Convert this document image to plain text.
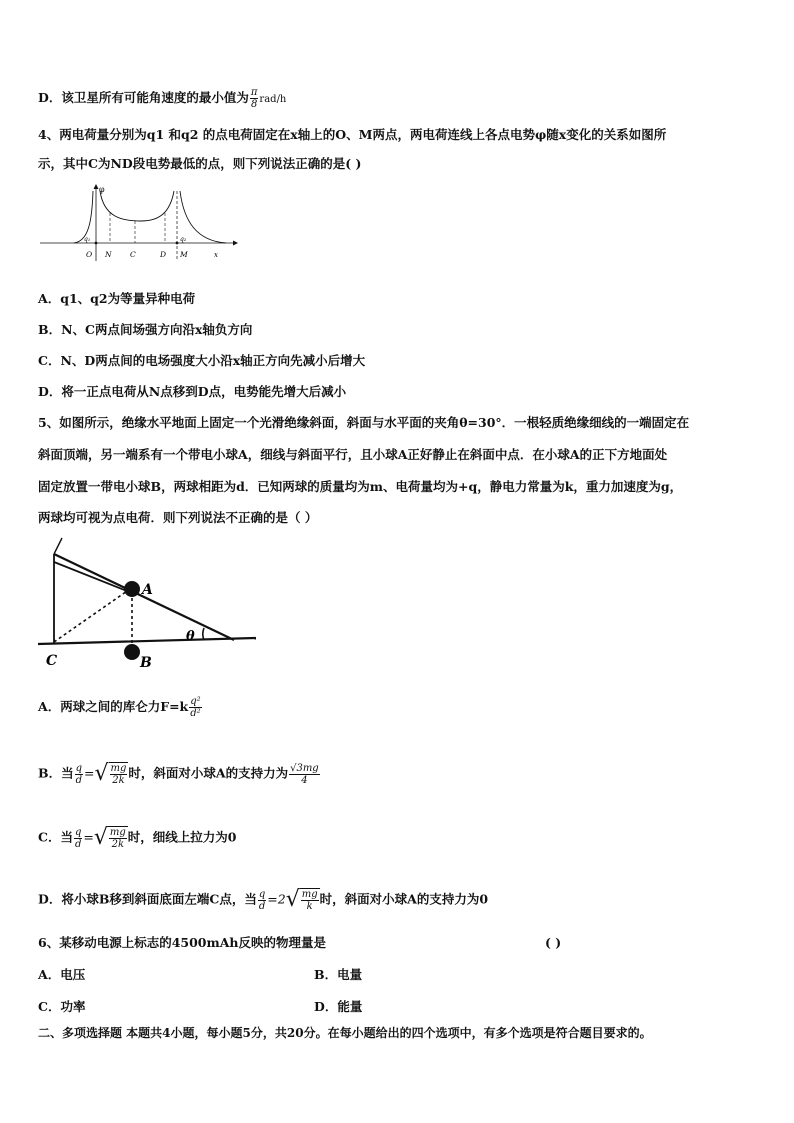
D．该卫星所有可能角速度的最小值为 $\frac{\pi}{8} rad/h$
4、两电荷量分别为q1 和q2 的点电荷固定在x轴上的O、M两点，两电荷连线上各点电势φ随x变化的关系如图所
示，其中C为ND段电势最低的点，则下列说法正确的是( )
φ
x
q₁	q₂
O N C	D M
A．q1、q2为等量异种电荷
B．N、C两点间场强方向沿x轴负方向
C．N、D两点间的电场强度大小沿x轴正方向先减小后增大
D．将一正点电荷从N点移到D点，电势能先增大后减小
5、如图所示，绝缘水平地面上固定一个光滑绝缘斜面，斜面与水平面的夹角θ=30°．一根轻质绝缘细线的一端固定在
斜面顶端，另一端系有一个带电小球A，细线与斜面平行，且小球A正好静止在斜面中点．在小球A的正下方地面处
固定放置一带电小球B，两球相距为d．已知两球的质量均为m、电荷量均为+q，静电力常量为k，重力加速度为g，
两球均可视为点电荷．则下列说法不正确的是（ ）
A
B
C
θ
A．两球之间的库仑力$F=k \frac{\text{q²}}{\text{d²}}$
B．当 $\frac{q}{d}$ =√ $\frac{mg}{2k}$ 时，斜面对小球A的支持力为 $\frac{√3mg}{4}$
C．当 $\frac{q}{d}$ =√ $\frac{mg}{2k}$ 时，细线上拉力为0
D．将小球B移到斜面底面左端C点，当 $\frac{q}{d} =2√ \frac{mg}{k}$ 时，斜面对小球A的支持力为0
6、某移动电源上标志的4500mAh反映的物理量是	( )
A．电压	B．电量
C．功率	D．能量
二、多项选择题 本题共4小题，每小题5分，共20分。在每小题给出的四个选项中，有多个选项是符合题目要求的。
